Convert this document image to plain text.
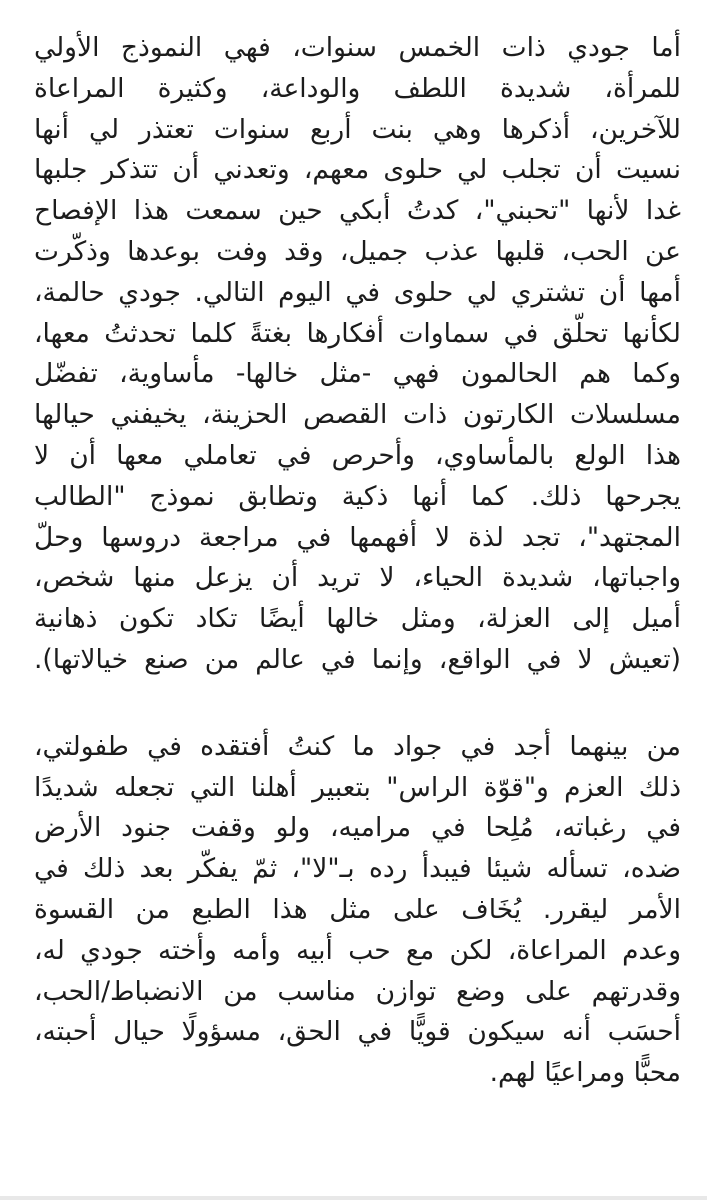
أما جودي ذات الخمس سنوات، فهي النموذج الأولي
للمرأة، شديدة اللطف والوداعة، وكثيرة المراعاة
للآخرين، أذكرها وهي بنت أربع سنوات تعتذر لي أنها
نسيت أن تجلب لي حلوى معهم، وتعدني أن تتذكر جلبها
غدا لأنها "تحبني"، كدتُ أبكي حين سمعت هذا الإفصاح
عن الحب، قلبها عذب جميل، وقد وفت بوعدها وذكّرت
أمها أن تشتري لي حلوى في اليوم التالي. جودي حالمة،
لكأنها تحلّق في سماوات أفكارها بغتةً كلما تحدثتُ معها،
وكما هم الحالمون فهي -مثل خالها- مأساوية، تفضّل
مسلسلات الكارتون ذات القصص الحزينة، يخيفني حيالها
هذا الولع بالمأساوي، وأحرص في تعاملي معها أن لا
يجرحها ذلك. كما أنها ذكية وتطابق نموذج "الطالب
المجتهد"، تجد لذة لا أفهمها في مراجعة دروسها وحلّ
واجباتها، شديدة الحياء، لا تريد أن يزعل منها شخص،
أميل إلى العزلة، ومثل خالها أيضًا تكاد تكون ذهانية
(تعيش لا في الواقع، وإنما في عالم من صنع خيالاتها).
من بينهما أجد في جواد ما كنتُ أفتقده في طفولتي،
ذلك العزم و"قوّة الراس" بتعبير أهلنا التي تجعله شديدًا
في رغباته، مُلِحا في مراميه، ولو وقفت جنود الأرض
ضده، تسأله شيئا فيبدأ رده بـ"لا"، ثمّ يفكّر بعد ذلك في
الأمر ليقرر. يُخَاف على مثل هذا الطبع من القسوة
وعدم المراعاة، لكن مع حب أبيه وأمه وأخته جودي له،
وقدرتهم على وضع توازن مناسب من الانضباط/الحب،
أحسَب أنه سيكون قويًّا في الحق، مسؤولًا حيال أحبته،
محبًّا ومراعيًا لهم.
